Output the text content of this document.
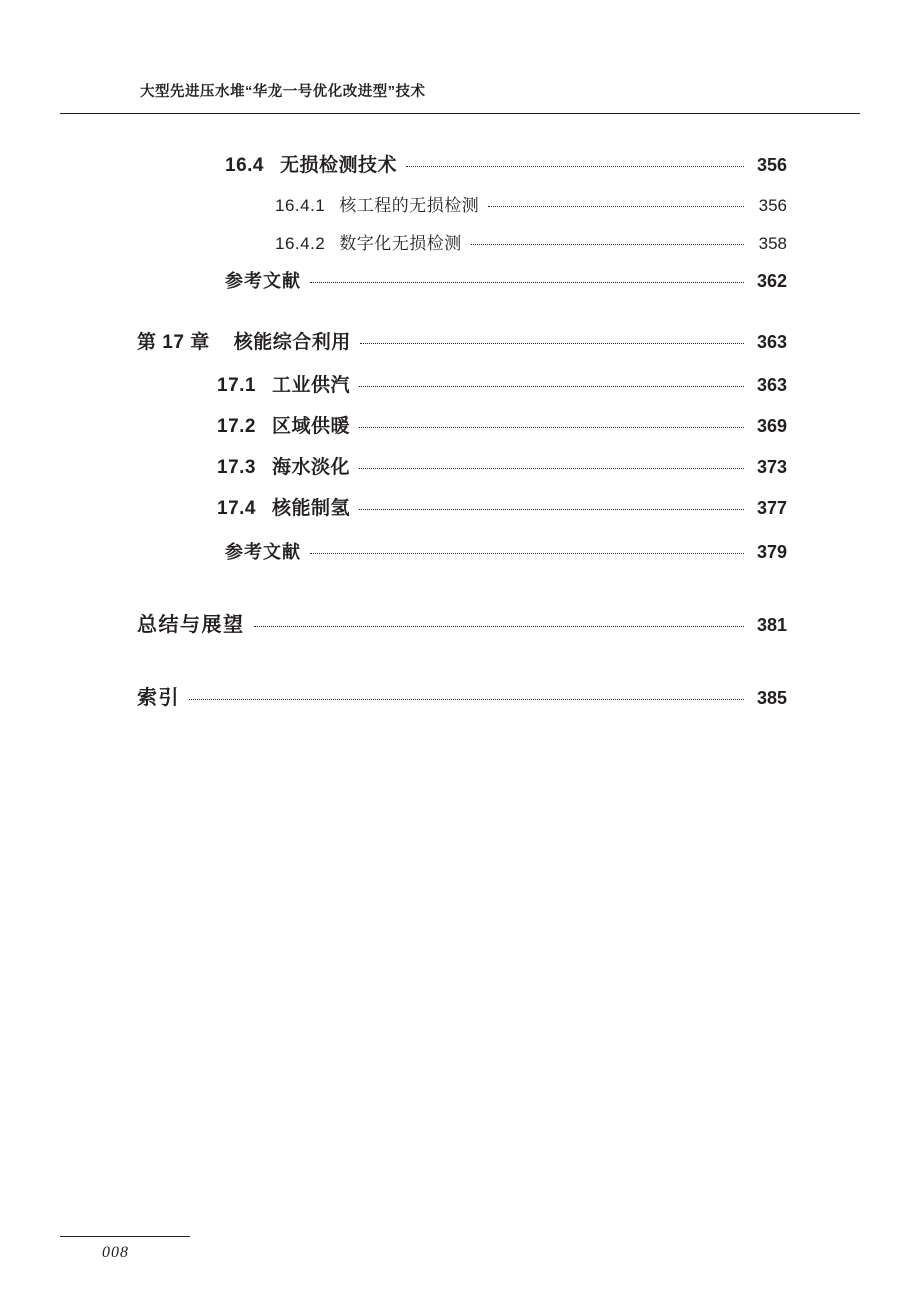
大型先进压水堆“华龙一号优化改进型”技术
16.4 无损检测技术	356
16.4.1 核工程的无损检测	356
16.4.2 数字化无损检测	358
参考文献	362
第 17 章 核能综合利用	363
17.1 工业供汽	363
17.2 区域供暖	369
17.3 海水淡化	373
17.4 核能制氢	377
参考文献	379
总结与展望	381
索引	385
008
